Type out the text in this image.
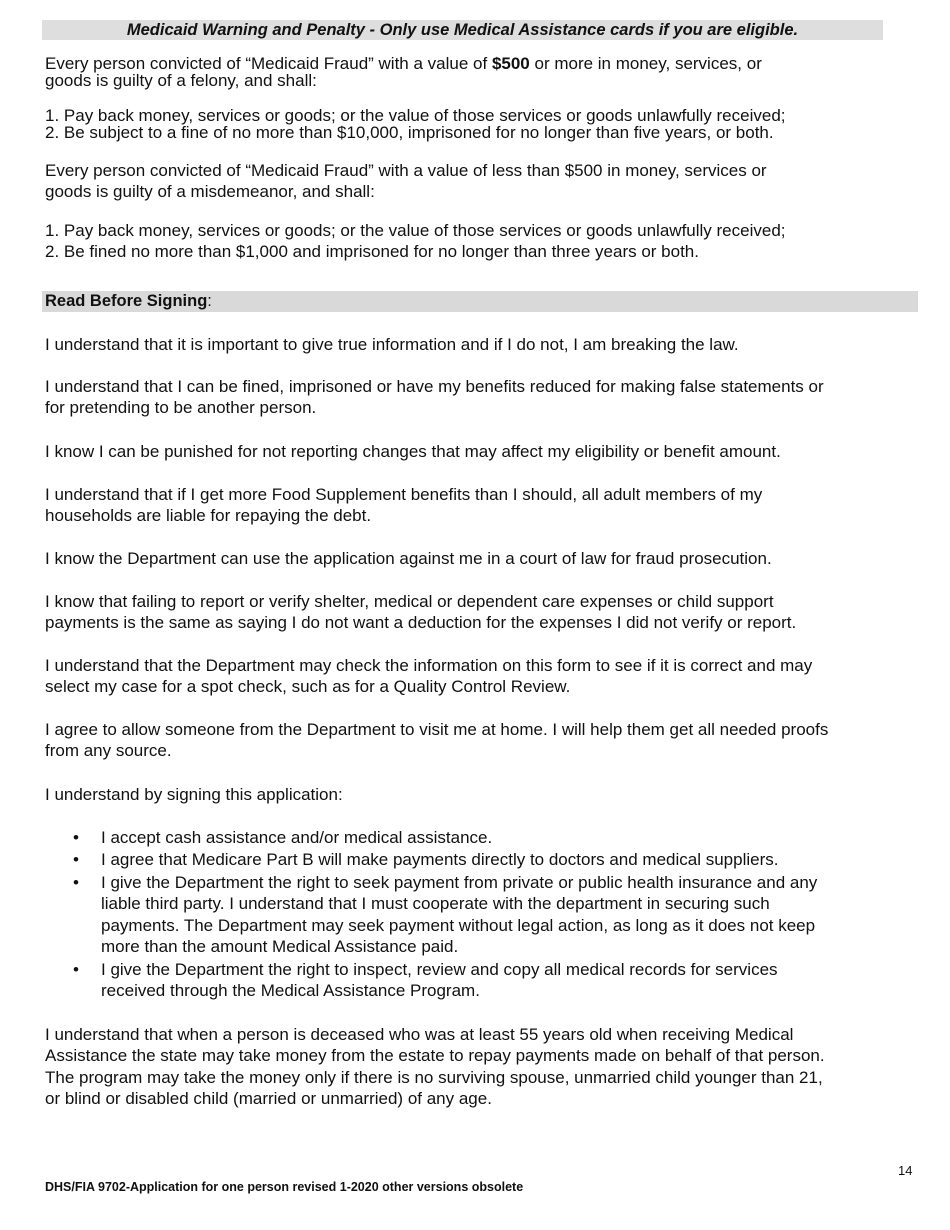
Medicaid Warning and Penalty - Only use Medical Assistance cards if you are eligible.
Every person convicted of “Medicaid Fraud” with a value of $500 or more in money, services, or
goods is guilty of a felony, and shall:
1. Pay back money, services or goods; or the value of those services or goods unlawfully received;
2. Be subject to a fine of no more than $10,000, imprisoned for no longer than five years, or both.
Every person convicted of “Medicaid Fraud” with a value of less than $500 in money, services or
goods is guilty of a misdemeanor, and shall:
1. Pay back money, services or goods; or the value of those services or goods unlawfully received;
2. Be fined no more than $1,000 and imprisoned for no longer than three years or both.
Read Before Signing:
I understand that it is important to give true information and if I do not, I am breaking the law.
I understand that I can be fined, imprisoned or have my benefits reduced for making false statements or
for pretending to be another person.
I know I can be punished for not reporting changes that may affect my eligibility or benefit amount.
I understand that if I get more Food Supplement benefits than I should, all adult members of my
households are liable for repaying the debt.
I know the Department can use the application against me in a court of law for fraud prosecution.
I know that failing to report or verify shelter, medical or dependent care expenses or child support
payments is the same as saying I do not want a deduction for the expenses I did not verify or report.
I understand that the Department may check the information on this form to see if it is correct and may
select my case for a spot check, such as for a Quality Control Review.
I agree to allow someone from the Department to visit me at home. I will help them get all needed proofs
from any source.
I understand by signing this application:
• I accept cash assistance and/or medical assistance.
• I agree that Medicare Part B will make payments directly to doctors and medical suppliers.
• I give the Department the right to seek payment from private or public health insurance and any
liable third party. I understand that I must cooperate with the department in securing such
payments. The Department may seek payment without legal action, as long as it does not keep
more than the amount Medical Assistance paid.
• I give the Department the right to inspect, review and copy all medical records for services
received through the Medical Assistance Program.
I understand that when a person is deceased who was at least 55 years old when receiving Medical
Assistance the state may take money from the estate to repay payments made on behalf of that person.
The program may take the money only if there is no surviving spouse, unmarried child younger than 21,
or blind or disabled child (married or unmarried) of any age.
14
DHS/FIA 9702-Application for one person revised 1-2020 other versions obsolete
